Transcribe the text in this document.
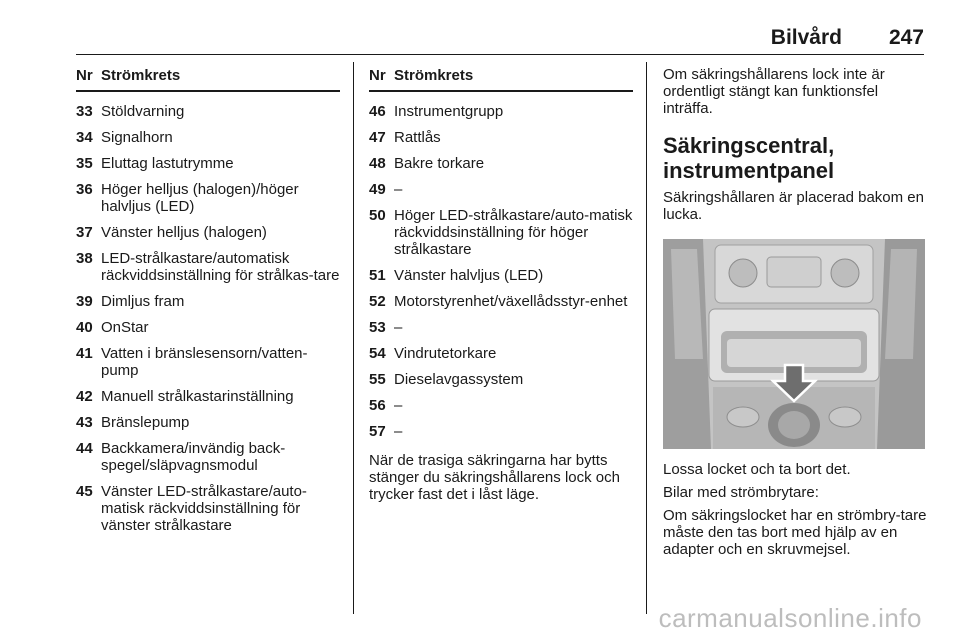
Bilvård 247
Nr Strömkrets
33 Stöldvarning
34 Signalhorn
35 Eluttag lastutrymme
36 Höger helljus (halogen)/höger halvljus (LED)
37 Vänster helljus (halogen)
38 LED-strålkastare/automatisk räckviddsinställning för strålkas-tare
39 Dimljus fram
40 OnStar
41 Vatten i bränslesensorn/vatten-pump
42 Manuell strålkastarinställning
43 Bränslepump
44 Backkamera/invändig back-spegel/släpvagnsmodul
45 Vänster LED-strålkastare/auto-matisk räckviddsinställning för vänster strålkastare
Nr Strömkrets
46 Instrumentgrupp
47 Rattlås
48 Bakre torkare
49 –
50 Höger LED-strålkastare/auto-matisk räckviddsinställning för höger strålkastare
51 Vänster halvljus (LED)
52 Motorstyrenhet/växellådsstyr-enhet
53 –
54 Vindrutetorkare
55 Dieselavgassystem
56 –
57 –
När de trasiga säkringarna har bytts stänger du säkringshållarens lock och trycker fast det i låst läge.

Om säkringshållarens lock inte är ordentligt stängt kan funktionsfel inträffa.

Säkringscentral, instrumentpanel

Säkringshållaren är placerad bakom en lucka.

Lossa locket och ta bort det.

Bilar med strömbrytare:

Om säkringslocket har en strömbry-tare måste den tas bort med hjälp av en adapter och en skruvmejsel.

carmanualsonline.info
